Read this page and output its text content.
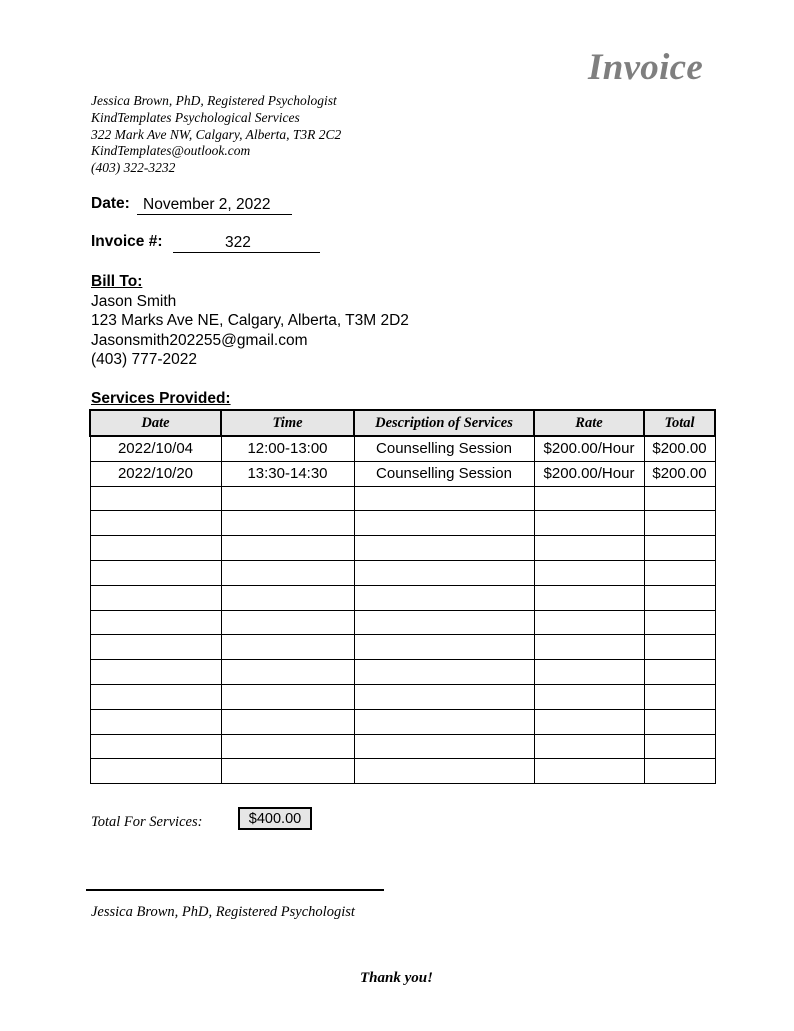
Invoice
Jessica Brown, PhD, Registered Psychologist
KindTemplates Psychological Services
322 Mark Ave NW, Calgary, Alberta, T3R 2C2
KindTemplates@outlook.com
(403) 322-3232
Date: November 2, 2022
Invoice #:	322
Bill To:
Jason Smith
123 Marks Ave NE, Calgary, Alberta, T3M 2D2
Jasonsmith202255@gmail.com
(403) 777-2022
Services Provided:
Date	Time	Description of Services	Rate	Total
2022/10/04	12:00-13:00	Counselling Session	$200.00/Hour	$200.00
2022/10/20	13:30-14:30	Counselling Session	$200.00/Hour	$200.00

Total For Services:	$400.00
Jessica Brown, PhD, Registered Psychologist
Thank you!
